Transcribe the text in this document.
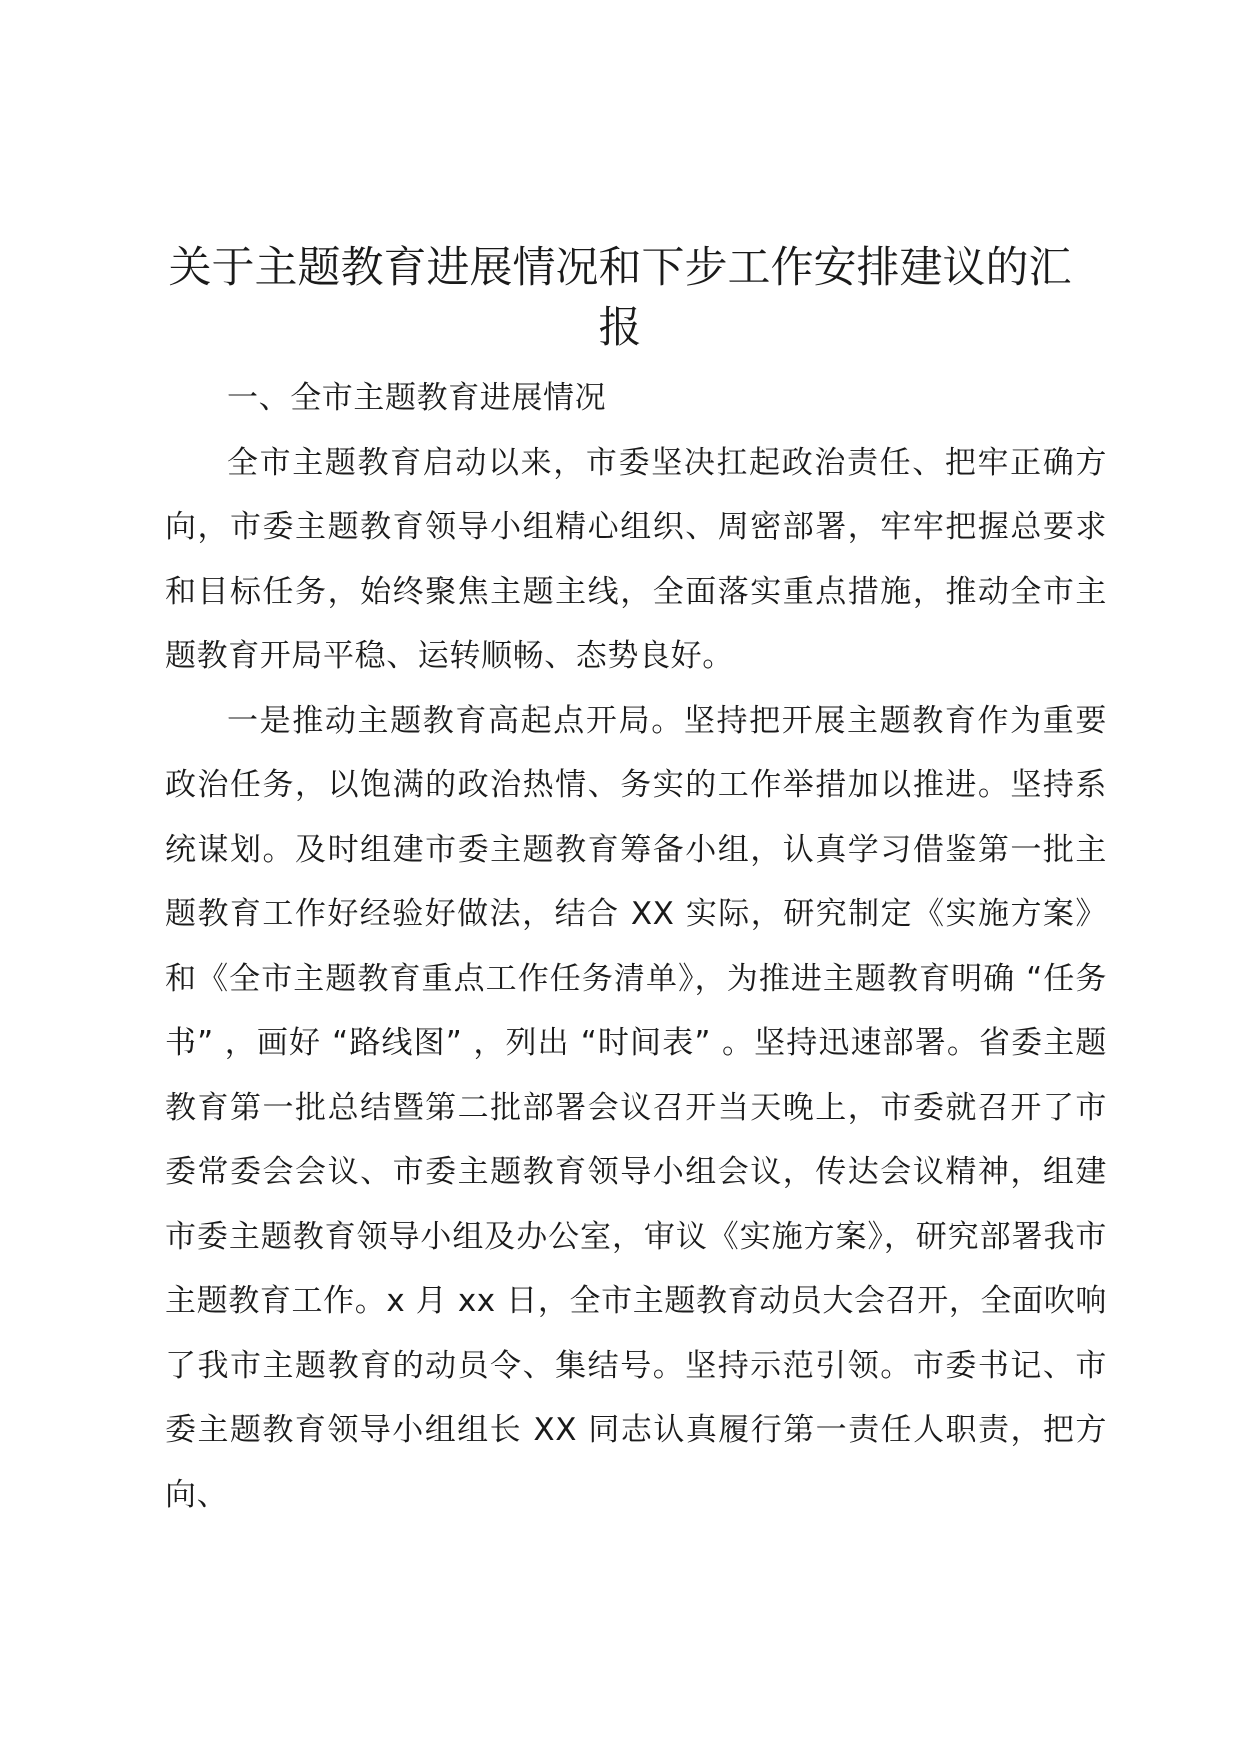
关于主题教育进展情况和下步工作安排建议的汇报

一、全市主题教育进展情况

全市主题教育启动以来，市委坚决扛起政治责任、把牢正确方向，市委主题教育领导小组精心组织、周密部署，牢牢把握总要求和目标任务，始终聚焦主题主线，全面落实重点措施，推动全市主题教育开局平稳、运转顺畅、态势良好。

一是推动主题教育高起点开局。坚持把开展主题教育作为重要政治任务，以饱满的政治热情、务实的工作举措加以推进。坚持系统谋划。及时组建市委主题教育筹备小组，认真学习借鉴第一批主题教育工作好经验好做法，结合 XX 实际，研究制定《实施方案》和《全市主题教育重点工作任务清单》，为推进主题教育明确 “任务书” ，画好 “路线图” ，列出 “时间表” 。坚持迅速部署。省委主题教育第一批总结暨第二批部署会议召开当天晚上，市委就召开了市委常委会会议、市委主题教育领导小组会议，传达会议精神，组建市委主题教育领导小组及办公室，审议《实施方案》，研究部署我市主题教育工作。x 月 xx 日，全市主题教育动员大会召开，全面吹响了我市主题教育的动员令、集结号。坚持示范引领。市委书记、市委主题教育领导小组组长 XX 同志认真履行第一责任人职责，把方向、
